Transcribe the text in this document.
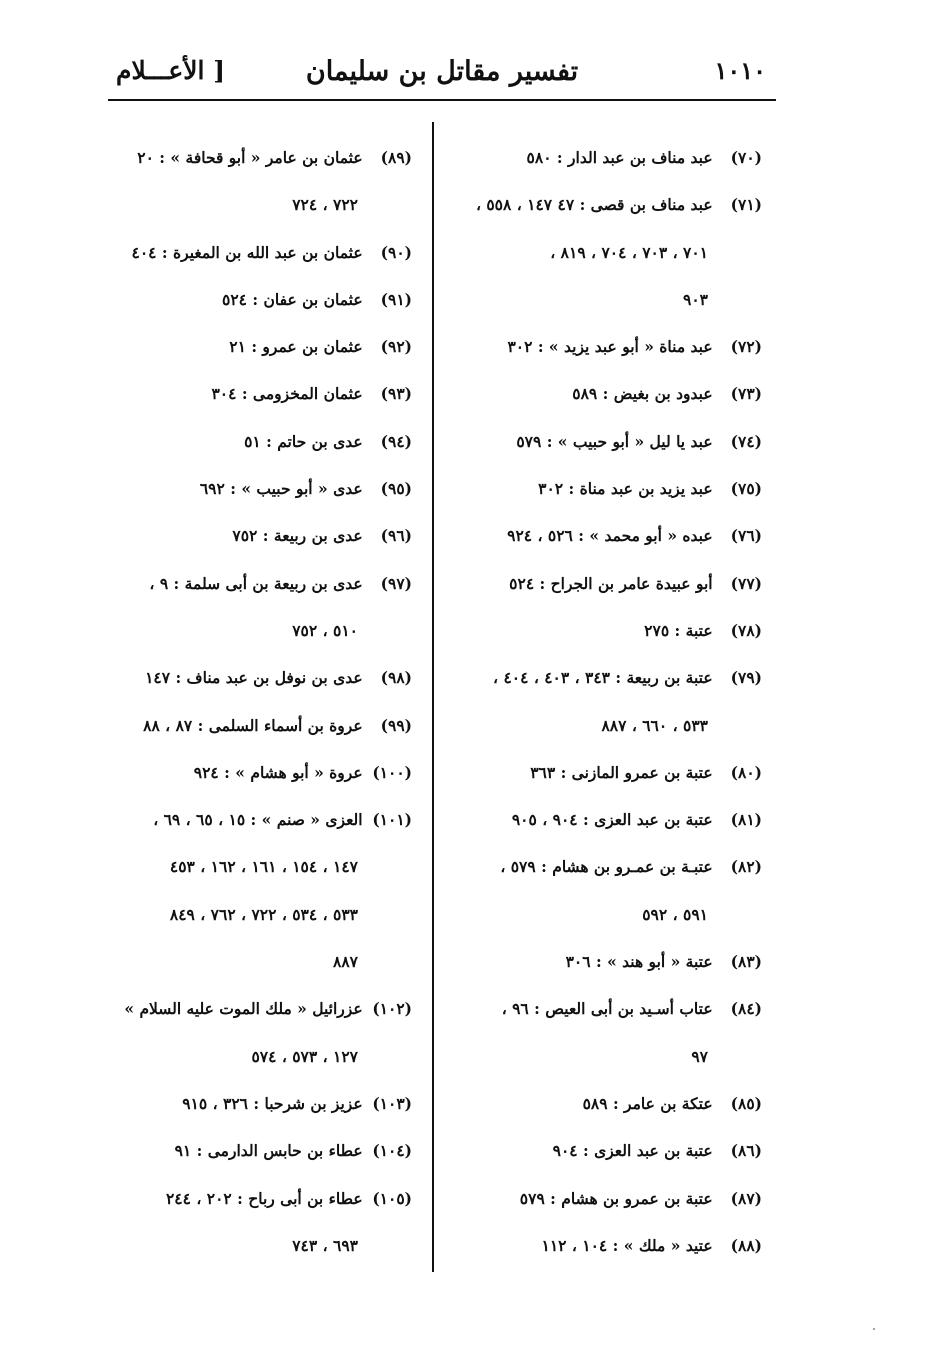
١٠١٠
تفسير مقاتل بن سليمان
[ الأعـــلام
(٧٠) عبد مناف بن عبد الدار : ٥٨٠
(٧١) عبد مناف بن قصى : ٤٧ ١٤٧ ، ٥٥٨ ،
٧٠١ ، ٧٠٣ ، ٧٠٤ ، ٨١٩ ،
٩٠٣
(٧٢) عبد مناة « أبو عبد يزيد » : ٣٠٢
(٧٣) عبدود بن بغيض : ٥٨٩
(٧٤) عبد يا ليل « أبو حبيب » : ٥٧٩
(٧٥) عبد يزيد بن عبد مناة : ٣٠٢
(٧٦) عبده « أبو محمد » : ٥٢٦ ، ٩٢٤
(٧٧) أبو عبيدة عامر بن الجراح : ٥٢٤
(٧٨) عتبة : ٢٧٥
(٧٩) عتبة بن ربيعة : ٣٤٣ ، ٤٠٣ ، ٤٠٤ ،
٥٣٣ ، ٦٦٠ ، ٨٨٧
(٨٠) عتبة بن عمرو المازنى : ٣٦٣
(٨١) عتبة بن عبد العزى : ٩٠٤ ، ٩٠٥
(٨٢) عتبـة بن عمـرو بن هشام : ٥٧٩ ،
٥٩١ ، ٥٩٢
(٨٣) عتبة « أبو هند » : ٣٠٦
(٨٤) عتاب أسـيد بن أبى العيص : ٩٦ ،
٩٧
(٨٥) عتكة بن عامر : ٥٨٩
(٨٦) عتبة بن عبد العزى : ٩٠٤
(٨٧) عتبة بن عمرو بن هشام : ٥٧٩
(٨٨) عتيد « ملك » : ١٠٤ ، ١١٢
(٨٩) عثمان بن عامر « أبو قحافة » : ٢٠
٧٢٢ ، ٧٢٤
(٩٠) عثمان بن عبد الله بن المغيرة : ٤٠٤
(٩١) عثمان بن عفان : ٥٢٤
(٩٢) عثمان بن عمرو : ٢١
(٩٣) عثمان المخزومى : ٣٠٤
(٩٤) عدى بن حاتم : ٥١
(٩٥) عدى « أبو حبيب » : ٦٩٢
(٩٦) عدى بن ربيعة : ٧٥٢
(٩٧) عدى بن ربيعة بن أبى سلمة : ٩ ،
٥١٠ ، ٧٥٢
(٩٨) عدى بن نوفل بن عبد مناف : ١٤٧
(٩٩) عروة بن أسماء السلمى : ٨٧ ، ٨٨
(١٠٠) عروة « أبو هشام » : ٩٢٤
(١٠١) العزى « صنم » : ١٥ ، ٦٥ ، ٦٩ ،
١٤٧ ، ١٥٤ ، ١٦١ ، ١٦٢ ، ٤٥٣
٥٣٣ ، ٥٣٤ ، ٧٢٢ ، ٧٦٢ ، ٨٤٩
٨٨٧
(١٠٢) عزرائيل « ملك الموت عليه السلام »
١٢٧ ، ٥٧٣ ، ٥٧٤
(١٠٣) عزيز بن شرحبا : ٣٢٦ ، ٩١٥
(١٠٤) عطاء بن حابس الدارمى : ٩١
(١٠٥) عطاء بن أبى رباح : ٢٠٢ ، ٢٤٤
٦٩٣ ، ٧٤٣
